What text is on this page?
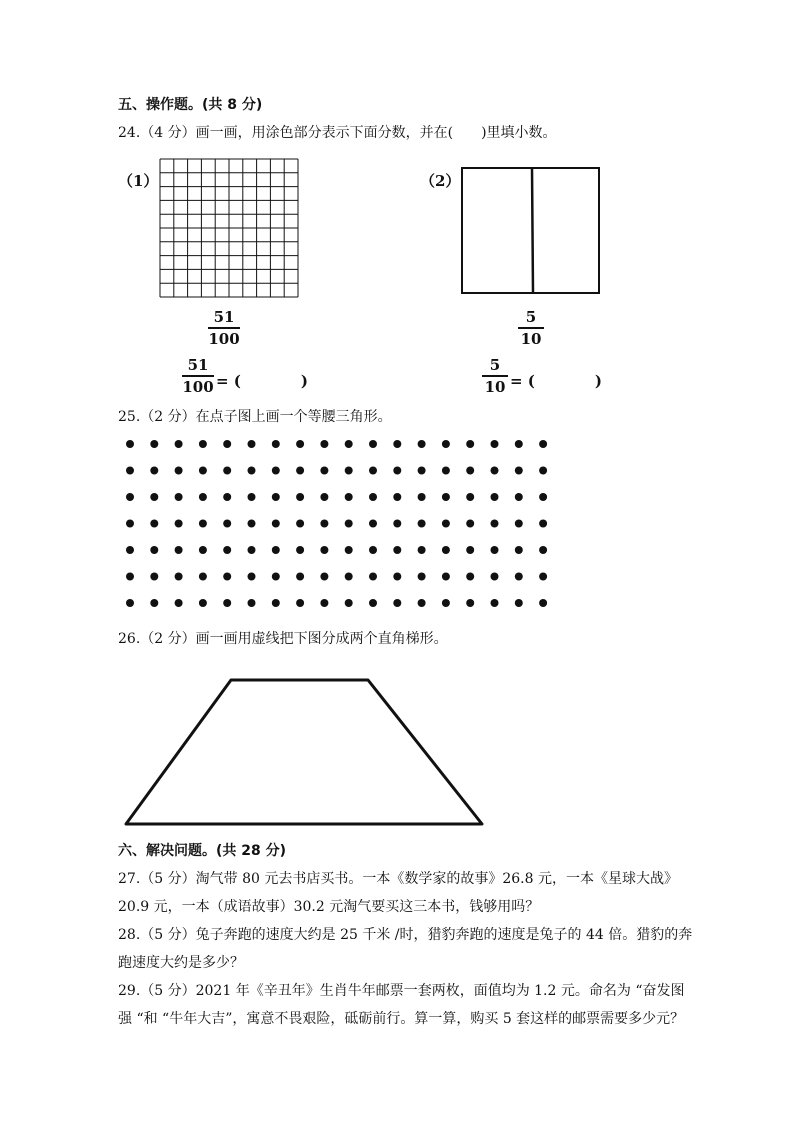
五、操作题。(共 8 分)
24.（4 分）画一画，用涂色部分表示下面分数，并在(　　)里填小数。
（1）
51
100
51
100 = (　　　　)
（2）
5
10
5
10 = (　　　　)
25.（2 分）在点子图上画一个等腰三角形。
26.（2 分）画一画用虚线把下图分成两个直角梯形。
六、解决问题。(共 28 分)
27.（5 分）淘气带 80 元去书店买书。一本《数学家的故事》26.8 元，一本《星球大战》
20.9 元，一本（成语故事）30.2 元淘气要买这三本书，钱够用吗？
28.（5 分）兔子奔跑的速度大约是 25 千米 /时，猎豹奔跑的速度是兔子的 44 倍。猎豹的奔
跑速度大约是多少？
29.（5 分）2021 年《辛丑年》生肖牛年邮票一套两枚，面值均为 1.2 元。命名为 “奋发图
强 “和 “牛年大吉”，寓意不畏艰险，砥砺前行。算一算，购买 5 套这样的邮票需要多少元？
